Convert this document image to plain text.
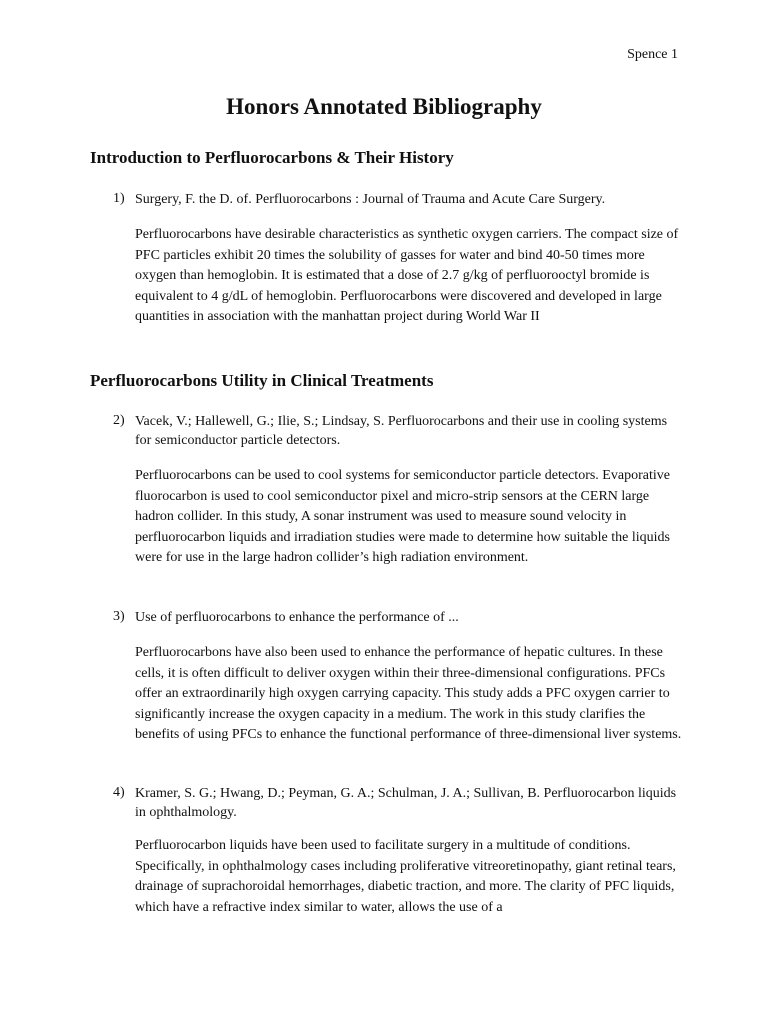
Spence 1
Honors Annotated Bibliography
Introduction to Perfluorocarbons & Their History
1) Surgery, F. the D. of. Perfluorocarbons : Journal of Trauma and Acute Care Surgery.
Perfluorocarbons have desirable characteristics as synthetic oxygen carriers. The compact size of PFC particles exhibit 20 times the solubility of gasses for water and bind 40-50 times more oxygen than hemoglobin. It is estimated that a dose of 2.7 g/kg of perfluorooctyl bromide is equivalent to 4 g/dL of hemoglobin. Perfluorocarbons were discovered and developed in large quantities in association with the manhattan project during World War II
Perfluorocarbons Utility in Clinical Treatments
2) Vacek, V.; Hallewell, G.; Ilie, S.; Lindsay, S. Perfluorocarbons and their use in cooling systems for semiconductor particle detectors.
Perfluorocarbons can be used to cool systems for semiconductor particle detectors. Evaporative fluorocarbon is used to cool semiconductor pixel and micro-strip sensors at the CERN large hadron collider. In this study, A sonar instrument was used to measure sound velocity in perfluorocarbon liquids and irradiation studies were made to determine how suitable the liquids were for use in the large hadron collider’s high radiation environment.
3) Use of perfluorocarbons to enhance the performance of ...
Perfluorocarbons have also been used to enhance the performance of hepatic cultures. In these cells, it is often difficult to deliver oxygen within their three-dimensional configurations. PFCs offer an extraordinarily high oxygen carrying capacity. This study adds a PFC oxygen carrier to significantly increase the oxygen capacity in a medium. The work in this study clarifies the benefits of using PFCs to enhance the functional performance of three-dimensional liver systems.
4) Kramer, S. G.; Hwang, D.; Peyman, G. A.; Schulman, J. A.; Sullivan, B. Perfluorocarbon liquids in ophthalmology.
Perfluorocarbon liquids have been used to facilitate surgery in a multitude of conditions. Specifically, in ophthalmology cases including proliferative vitreoretinopathy, giant retinal tears, drainage of suprachoroidal hemorrhages, diabetic traction, and more. The clarity of PFC liquids, which have a refractive index similar to water, allows the use of a
